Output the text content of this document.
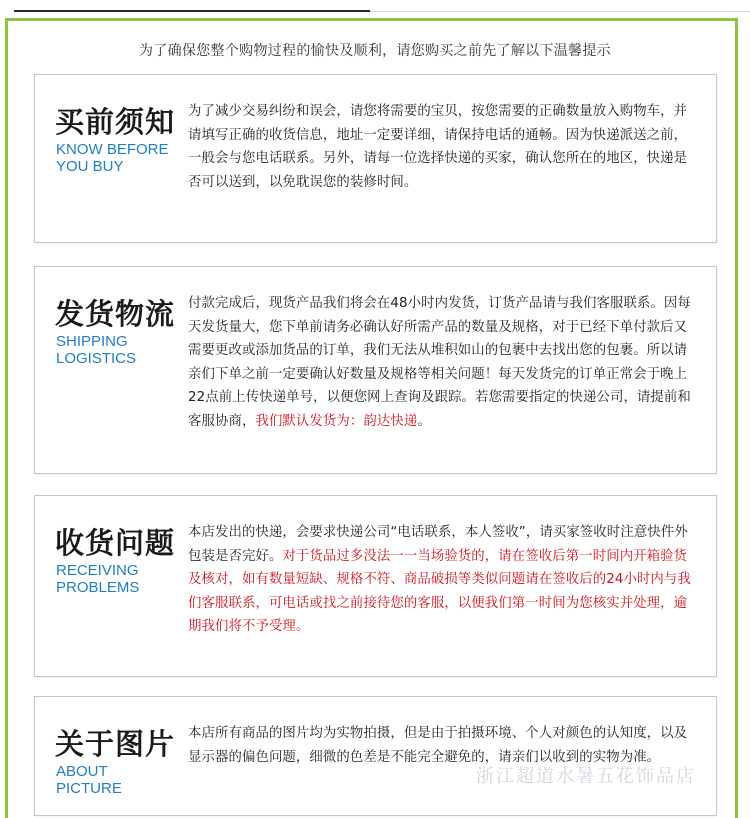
为了确保您整个购物过程的愉快及顺利，请您购买之前先了解以下温馨提示
买前须知
KNOW BEFORE
YOU BUY
为了减少交易纠纷和误会，请您将需要的宝贝，按您需要的正确数量放入购物车，并请填写正确的收货信息，地址一定要详细，请保持电话的通畅。因为快递派送之前，一般会与您电话联系。另外，请每一位选择快递的买家，确认您所在的地区，快递是否可以送到，以免耽误您的装修时间。
发货物流
SHIPPING
LOGISTICS
付款完成后，现货产品我们将会在48小时内发货，订货产品请与我们客服联系。因每天发货量大，您下单前请务必确认好所需产品的数量及规格，对于已经下单付款后又需要更改或添加货品的订单，我们无法从堆积如山的包裹中去找出您的包裹。所以请亲们下单之前一定要确认好数量及规格等相关问题！每天发货完的订单正常会于晚上22点前上传快递单号，以便您网上查询及跟踪。若您需要指定的快递公司，请提前和客服协商，我们默认发货为：韵达快递。
收货问题
RECEIVING
PROBLEMS
本店发出的快递，会要求快递公司“电话联系，本人签收”，请买家签收时注意快件外包装是否完好。对于货品过多没法一一当场验货的，请在签收后第一时间内开箱验货及核对，如有数量短缺、规格不符、商品破损等类似问题请在签收后的24小时内与我们客服联系，可电话或找之前接待您的客服，以便我们第一时间为您核实并处理，逾期我们将不予受理。
关于图片
ABOUT
PICTURE
本店所有商品的图片均为实物拍摄，但是由于拍摄环境、个人对颜色的认知度，以及显示器的偏色问题，细微的色差是不能完全避免的，请亲们以收到的实物为准。
浙江超道水暑五花饰品店
